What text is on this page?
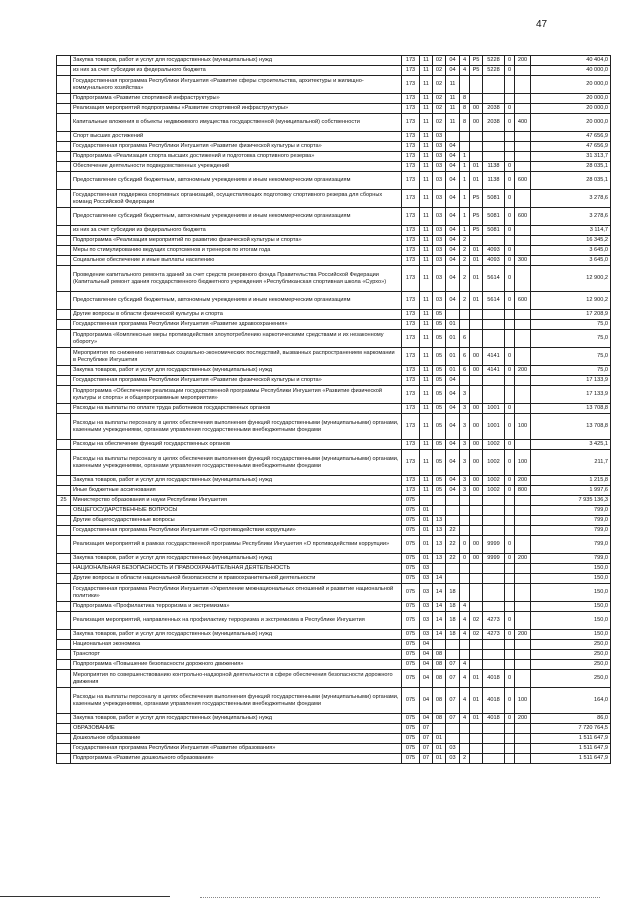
47
	Закупка товаров, работ и услуг для государственных (муниципальных) нужд	173	11	02	04	4	P5	5228	0	200	40 404,0
	из них за счет субсидии из федерального бюджета	173	11	02	04	4	P5	5228	0		40 000,0
	Государственная программа Республики Ингушетия «Развитие сферы строительства, архитектуры и жилищно-коммунального хозяйства»	173	11	02	11						20 000,0
	Подпрограмма «Развитие спортивной инфраструктуры»	173	11	02	11	8					20 000,0
	Реализация мероприятий подпрограммы «Развитие спортивной инфраструктуры»	173	11	02	11	8	00	2038	0		20 000,0
	Капитальные вложения в объекты недвижимого имущества государственной (муниципальной) собственности	173	11	02	11	8	00	2038	0	400	20 000,0
	Спорт высших достижений	173	11	03							47 656,9
	Государственная программа Республики Ингушетия «Развитие физической культуры и спорта»	173	11	03	04						47 656,9
	Подпрограмма «Реализация спорта высших достижений и подготовка спортивного резерва»	173	11	03	04	1					31 313,7
	Обеспечение деятельности подведомственных учреждений	173	11	03	04	1	01	1138	0		28 035,1
	Предоставление субсидий бюджетным, автономным учреждениям и иным некоммерческим организациям	173	11	03	04	1	01	1138	0	600	28 035,1
	Государственная поддержка спортивных организаций, осуществляющих подготовку спортивного резерва для сборных команд Российской Федерации	173	11	03	04	1	P5	5081	0		3 278,6
	Предоставление субсидий бюджетным, автономным учреждениям и иным некоммерческим организациям	173	11	03	04	1	P5	5081	0	600	3 278,6
	из них за счет субсидии из федерального бюджета	173	11	03	04	1	P5	5081	0		3 114,7
	Подпрограмма «Реализация мероприятий по развитию физической культуры и спорта»	173	11	03	04	2					16 345,2
	Меры по стимулированию ведущих спортсменов и тренеров по итогам года	173	11	03	04	2	01	4093	0		3 645,0
	Социальное обеспечение и иные выплаты населению	173	11	03	04	2	01	4093	0	300	3 645,0
	Проведение капитального ремонта зданий за счет средств резервного фонда Правительства Российской Федерации (Капитальный ремонт здания государственного бюджетного учреждения «Республиканская спортивная школа «Сурхо»)	173	11	03	04	2	01	5614	0		12 900,2
	Предоставление субсидий бюджетным, автономным учреждениям и иным некоммерческим организациям	173	11	03	04	2	01	5614	0	600	12 900,2
	Другие вопросы в области физической культуры и спорта	173	11	05							17 208,9
	Государственная программа Республики Ингушетия «Развитие здравоохранения»	173	11	05	01						75,0
	Подпрограмма «Комплексные меры противодействия злоупотреблению наркотическими средствами и их незаконному обороту»	173	11	05	01	6					75,0
	Мероприятия по снижению негативных социально-экономических последствий, вызванных распространением наркомании в Республике Ингушетия	173	11	05	01	6	00	4141	0		75,0
	Закупка товаров, работ и услуг для государственных (муниципальных) нужд	173	11	05	01	6	00	4141	0	200	75,0
	Государственная программа Республики Ингушетия «Развитие физической культуры и спорта»	173	11	05	04						17 133,9
	Подпрограмма «Обеспечение реализации государственной программы Республики Ингушетия «Развитие физической культуры и спорта» и общепрограммные мероприятия»	173	11	05	04	3					17 133,9
	Расходы на выплаты по оплате труда работников государственных органов	173	11	05	04	3	00	1001	0		13 708,8
	Расходы на выплаты персоналу в целях обеспечения выполнения функций государственными (муниципальными) органами, казенными учреждениями, органами управления государственными внебюджетными фондами	173	11	05	04	3	00	1001	0	100	13 708,8
	Расходы на обеспечение функций государственных органов	173	11	05	04	3	00	1002	0		3 425,1
	Расходы на выплаты персоналу в целях обеспечения выполнения функций государственными (муниципальными) органами, казенными учреждениями, органами управления государственными внебюджетными фондами	173	11	05	04	3	00	1002	0	100	211,7
	Закупка товаров, работ и услуг для государственных (муниципальных) нужд	173	11	05	04	3	00	1002	0	200	1 215,8
	Иные бюджетные ассигнования	173	11	05	04	3	00	1002	0	800	1 997,6
25	Министерство образования и науки Республики Ингушетия	075									7 935 136,3
	ОБЩЕГОСУДАРСТВЕННЫЕ ВОПРОСЫ	075	01								799,0
	Другие общегосударственные вопросы	075	01	13							799,0
	Государственная программа Республики Ингушетия «О противодействии коррупции»	075	01	13	22						799,0
	Реализация мероприятий в рамках государственной программы Республики Ингушетия «О противодействии коррупции»	075	01	13	22	0	00	9999	0		799,0
	Закупка товаров, работ и услуг для государственных (муниципальных) нужд	075	01	13	22	0	00	9999	0	200	799,0
	НАЦИОНАЛЬНАЯ БЕЗОПАСНОСТЬ И ПРАВООХРАНИТЕЛЬНАЯ ДЕЯТЕЛЬНОСТЬ	075	03								150,0
	Другие вопросы в области национальной безопасности и правоохранительной деятельности	075	03	14							150,0
	Государственная программа Республики Ингушетия «Укрепление межнациональных отношений и развитие национальной политики»	075	03	14	18						150,0
	Подпрограмма «Профилактика терроризма и экстремизма»	075	03	14	18	4					150,0
	Реализация мероприятий, направленных на профилактику терроризма и экстремизма в Республике Ингушетия	075	03	14	18	4	02	4273	0		150,0
	Закупка товаров, работ и услуг для государственных (муниципальных) нужд	075	03	14	18	4	02	4273	0	200	150,0
	Национальная экономика	075	04								250,0
	Транспорт	075	04	08							250,0
	Подпрограмма «Повышение безопасности дорожного движения»	075	04	08	07	4					250,0
	Мероприятия по совершенствованию контрольно-надзорной деятельности в сфере обеспечения безопасности дорожного движения	075	04	08	07	4	01	4018	0		250,0
	Расходы на выплаты персоналу в целях обеспечения выполнения функций государственными (муниципальными) органами, казенными учреждениями, органами управления государственными внебюджетными фондами	075	04	08	07	4	01	4018	0	100	164,0
	Закупка товаров, работ и услуг для государственных (муниципальных) нужд	075	04	08	07	4	01	4018	0	200	86,0
	ОБРАЗОВАНИЕ	075	07								7 720 764,5
	Дошкольное образование	075	07	01							1 511 647,9
	Государственная программа Республики Ингушетия «Развитие образования»	075	07	01	03						1 511 647,9
	Подпрограмма «Развитие дошкольного образования»	075	07	01	03	2					1 511 647,9
